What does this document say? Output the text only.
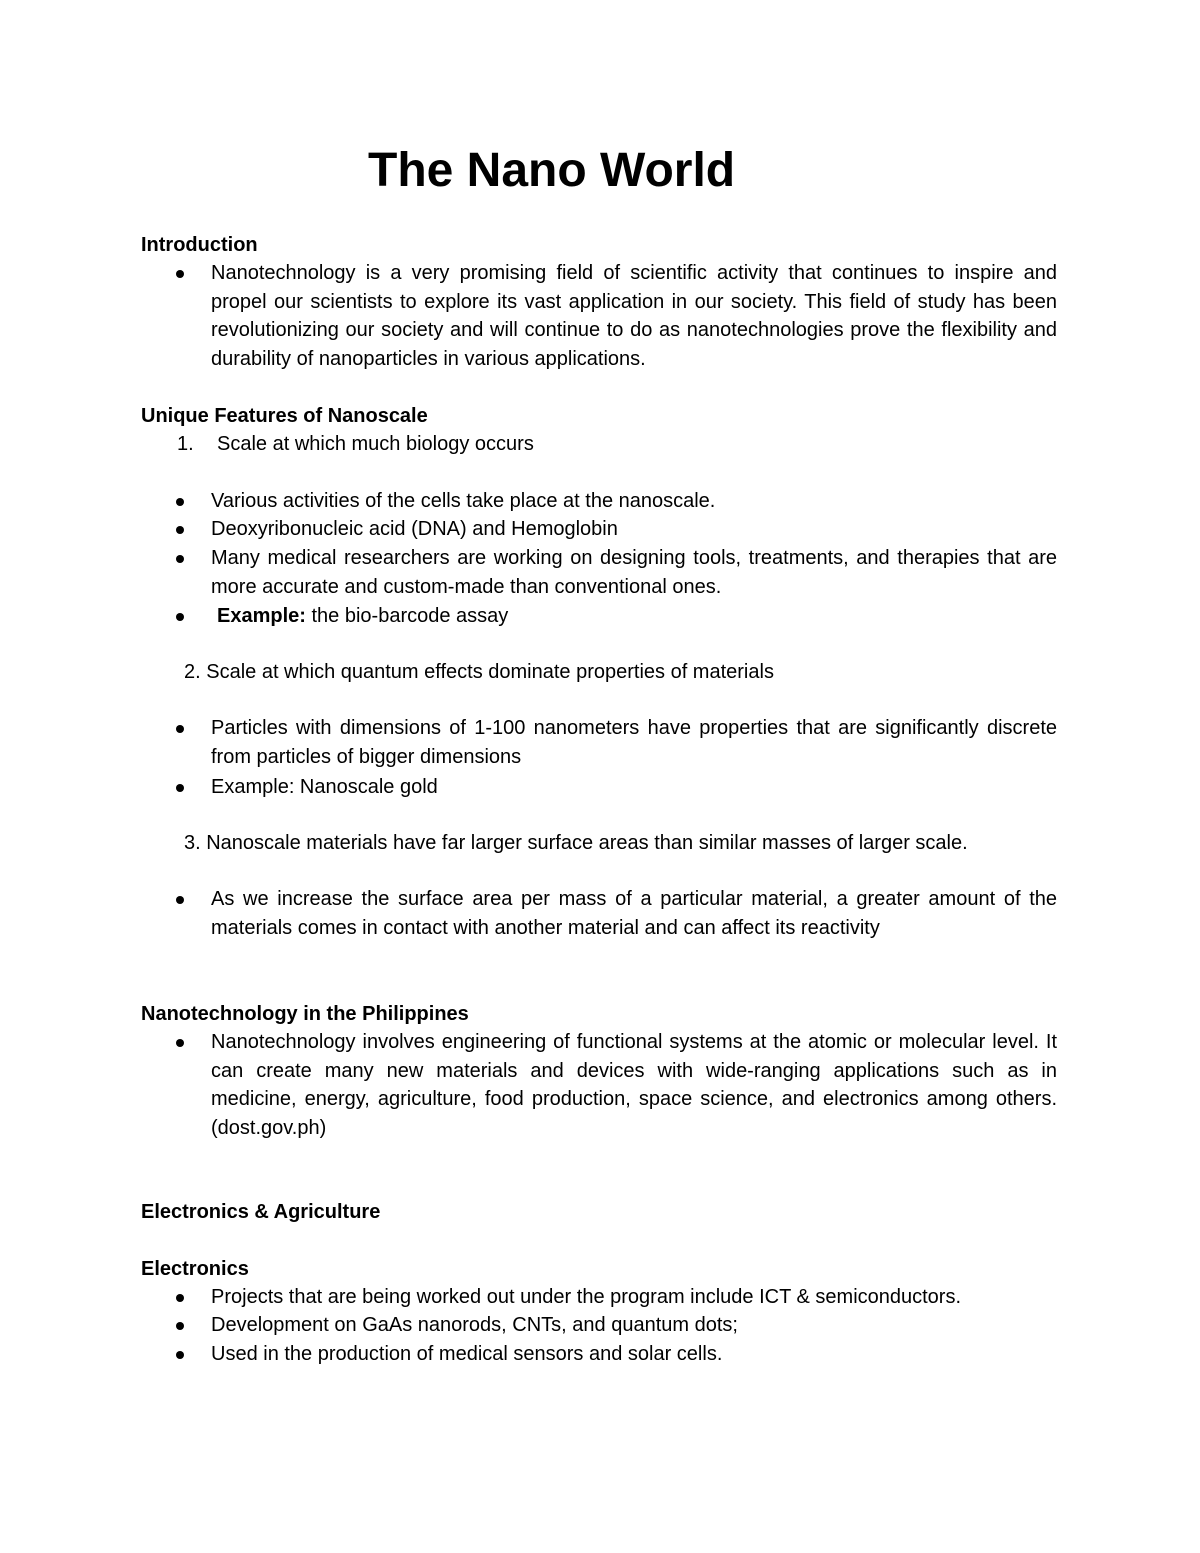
The Nano World

Introduction

Nanotechnology is a very promising field of scientific activity that continues to inspire and propel our scientists to explore its vast application in our society. This field of study has been revolutionizing our society and will continue to do as nanotechnologies prove the flexibility and durability of nanoparticles in various applications.

Unique Features of Nanoscale

1. Scale at which much biology occurs

Various activities of the cells take place at the nanoscale.

Deoxyribonucleic acid (DNA) and Hemoglobin

Many medical researchers are working on designing tools, treatments, and therapies that are more accurate and custom-made than conventional ones.

Example: the bio-barcode assay

2. Scale at which quantum effects dominate properties of materials

Particles with dimensions of 1-100 nanometers have properties that are significantly discrete from particles of bigger dimensions

Example: Nanoscale gold

3. Nanoscale materials have far larger surface areas than similar masses of larger scale.

As we increase the surface area per mass of a particular material, a greater amount of the materials comes in contact with another material and can affect its reactivity

Nanotechnology in the Philippines

Nanotechnology involves engineering of functional systems at the atomic or molecular level. It can create many new materials and devices with wide-ranging applications such as in medicine, energy, agriculture, food production, space science, and electronics among others. (dost.gov.ph)

Electronics & Agriculture

Electronics

Projects that are being worked out under the program include ICT & semiconductors.

Development on GaAs nanorods, CNTs, and quantum dots;

Used in the production of medical sensors and solar cells.
